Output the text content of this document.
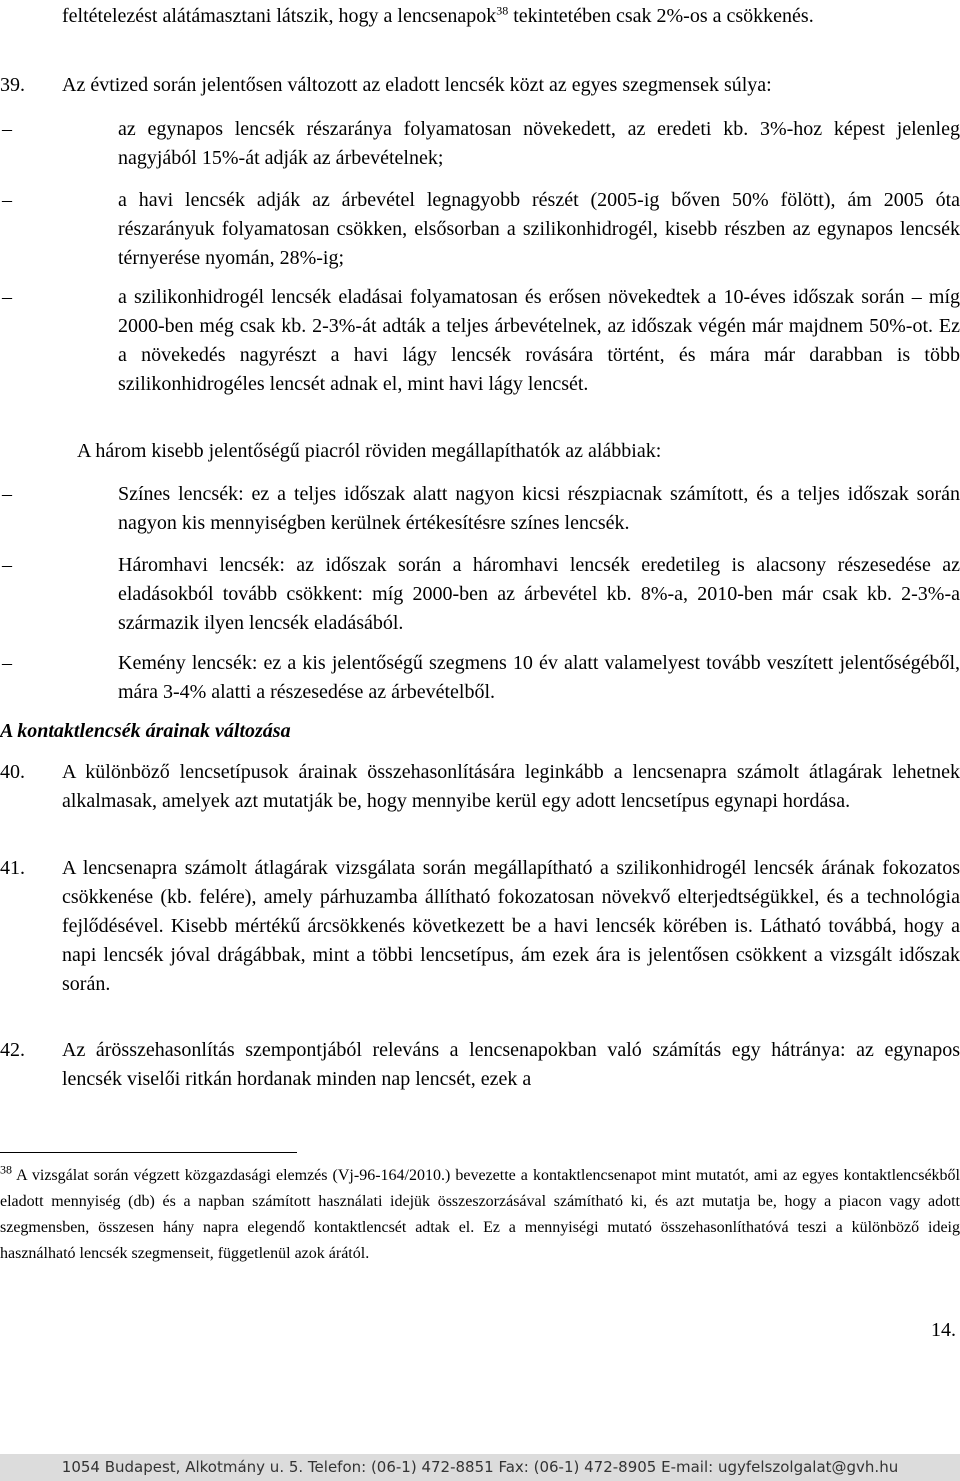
feltételezést alátámasztani látszik, hogy a lencsenapok$^{38}$ tekintetében csak 2%-os a csökkenés.

39.	Az évtized során jelentősen változott az eladott lencsék közt az egyes szegmensek súlya:

–	az egynapos lencsék részaránya folyamatosan növekedett, az eredeti kb. 3%-hoz képest jelenleg nagyjából 15%-át adják az árbevételnek;

–	a havi lencsék adják az árbevétel legnagyobb részét (2005-ig bőven 50% fölött), ám 2005 óta részarányuk folyamatosan csökken, elsősorban a szilikonhidrogél, kisebb részben az egynapos lencsék térnyerése nyomán, 28%-ig;

–	a szilikonhidrogél lencsék eladásai folyamatosan és erősen növekedtek a 10-éves időszak során – míg 2000-ben még csak kb. 2-3%-át adták a teljes árbevételnek, az időszak végén már majdnem 50%-ot. Ez a növekedés nagyrészt a havi lágy lencsék rovására történt, és mára már darabban is több szilikonhidrogéles lencsét adnak el, mint havi lágy lencsét.

A három kisebb jelentőségű piacról röviden megállapíthatók az alábbiak:

–	Színes lencsék: ez a teljes időszak alatt nagyon kicsi részpiacnak számított, és a teljes időszak során nagyon kis mennyiségben kerülnek értékesítésre színes lencsék.

–	Háromhavi lencsék: az időszak során a háromhavi lencsék eredetileg is alacsony részesedése az eladásokból tovább csökkent: míg 2000-ben az árbevétel kb. 8%-a, 2010-ben már csak kb. 2-3%-a származik ilyen lencsék eladásából.

–	Kemény lencsék: ez a kis jelentőségű szegmens 10 év alatt valamelyest tovább veszített jelentőségéből, mára 3-4% alatti a részesedése az árbevételből.

A kontaktlencsék árainak változása

40.	A különböző lencsetípusok árainak összehasonlítására leginkább a lencsenapra számolt átlagárak lehetnek alkalmasak, amelyek azt mutatják be, hogy mennyibe kerül egy adott lencsetípus egynapi hordása.

41.	A lencsenapra számolt átlagárak vizsgálata során megállapítható a szilikonhidrogél lencsék árának fokozatos csökkenése (kb. felére), amely párhuzamba állítható fokozatosan növekvő elterjedtségükkel, és a technológia fejlődésével. Kisebb mértékű árcsökkenés következett be a havi lencsék körében is. Látható továbbá, hogy a napi lencsék jóval drágábbak, mint a többi lencsetípus, ám ezek ára is jelentősen csökkent a vizsgált időszak során.

42.	Az árösszehasonlítás szempontjából releváns a lencsenapokban való számítás egy hátránya: az egynapos lencsék viselői ritkán hordanak minden nap lencsét, ezek a

$^{38}$ A vizsgálat során végzett közgazdasági elemzés (Vj-96-164/2010.) bevezette a kontaktlencsenapot mint mutatót, ami az egyes kontaktlencsékből eladott mennyiség (db) és a napban számított használati idejük összeszorzásával számítható ki, és azt mutatja be, hogy a piacon vagy adott szegmensben, összesen hány napra elegendő kontaktlencsét adtak el. Ez a mennyiségi mutató összehasonlíthatóvá teszi a különböző ideig használható lencsék szegmenseit, függetlenül azok árától.

14.
1054 Budapest, Alkotmány u. 5. Telefon: (06-1) 472-8851 Fax: (06-1) 472-8905 E-mail: ugyfelszolgalat@gvh.hu
